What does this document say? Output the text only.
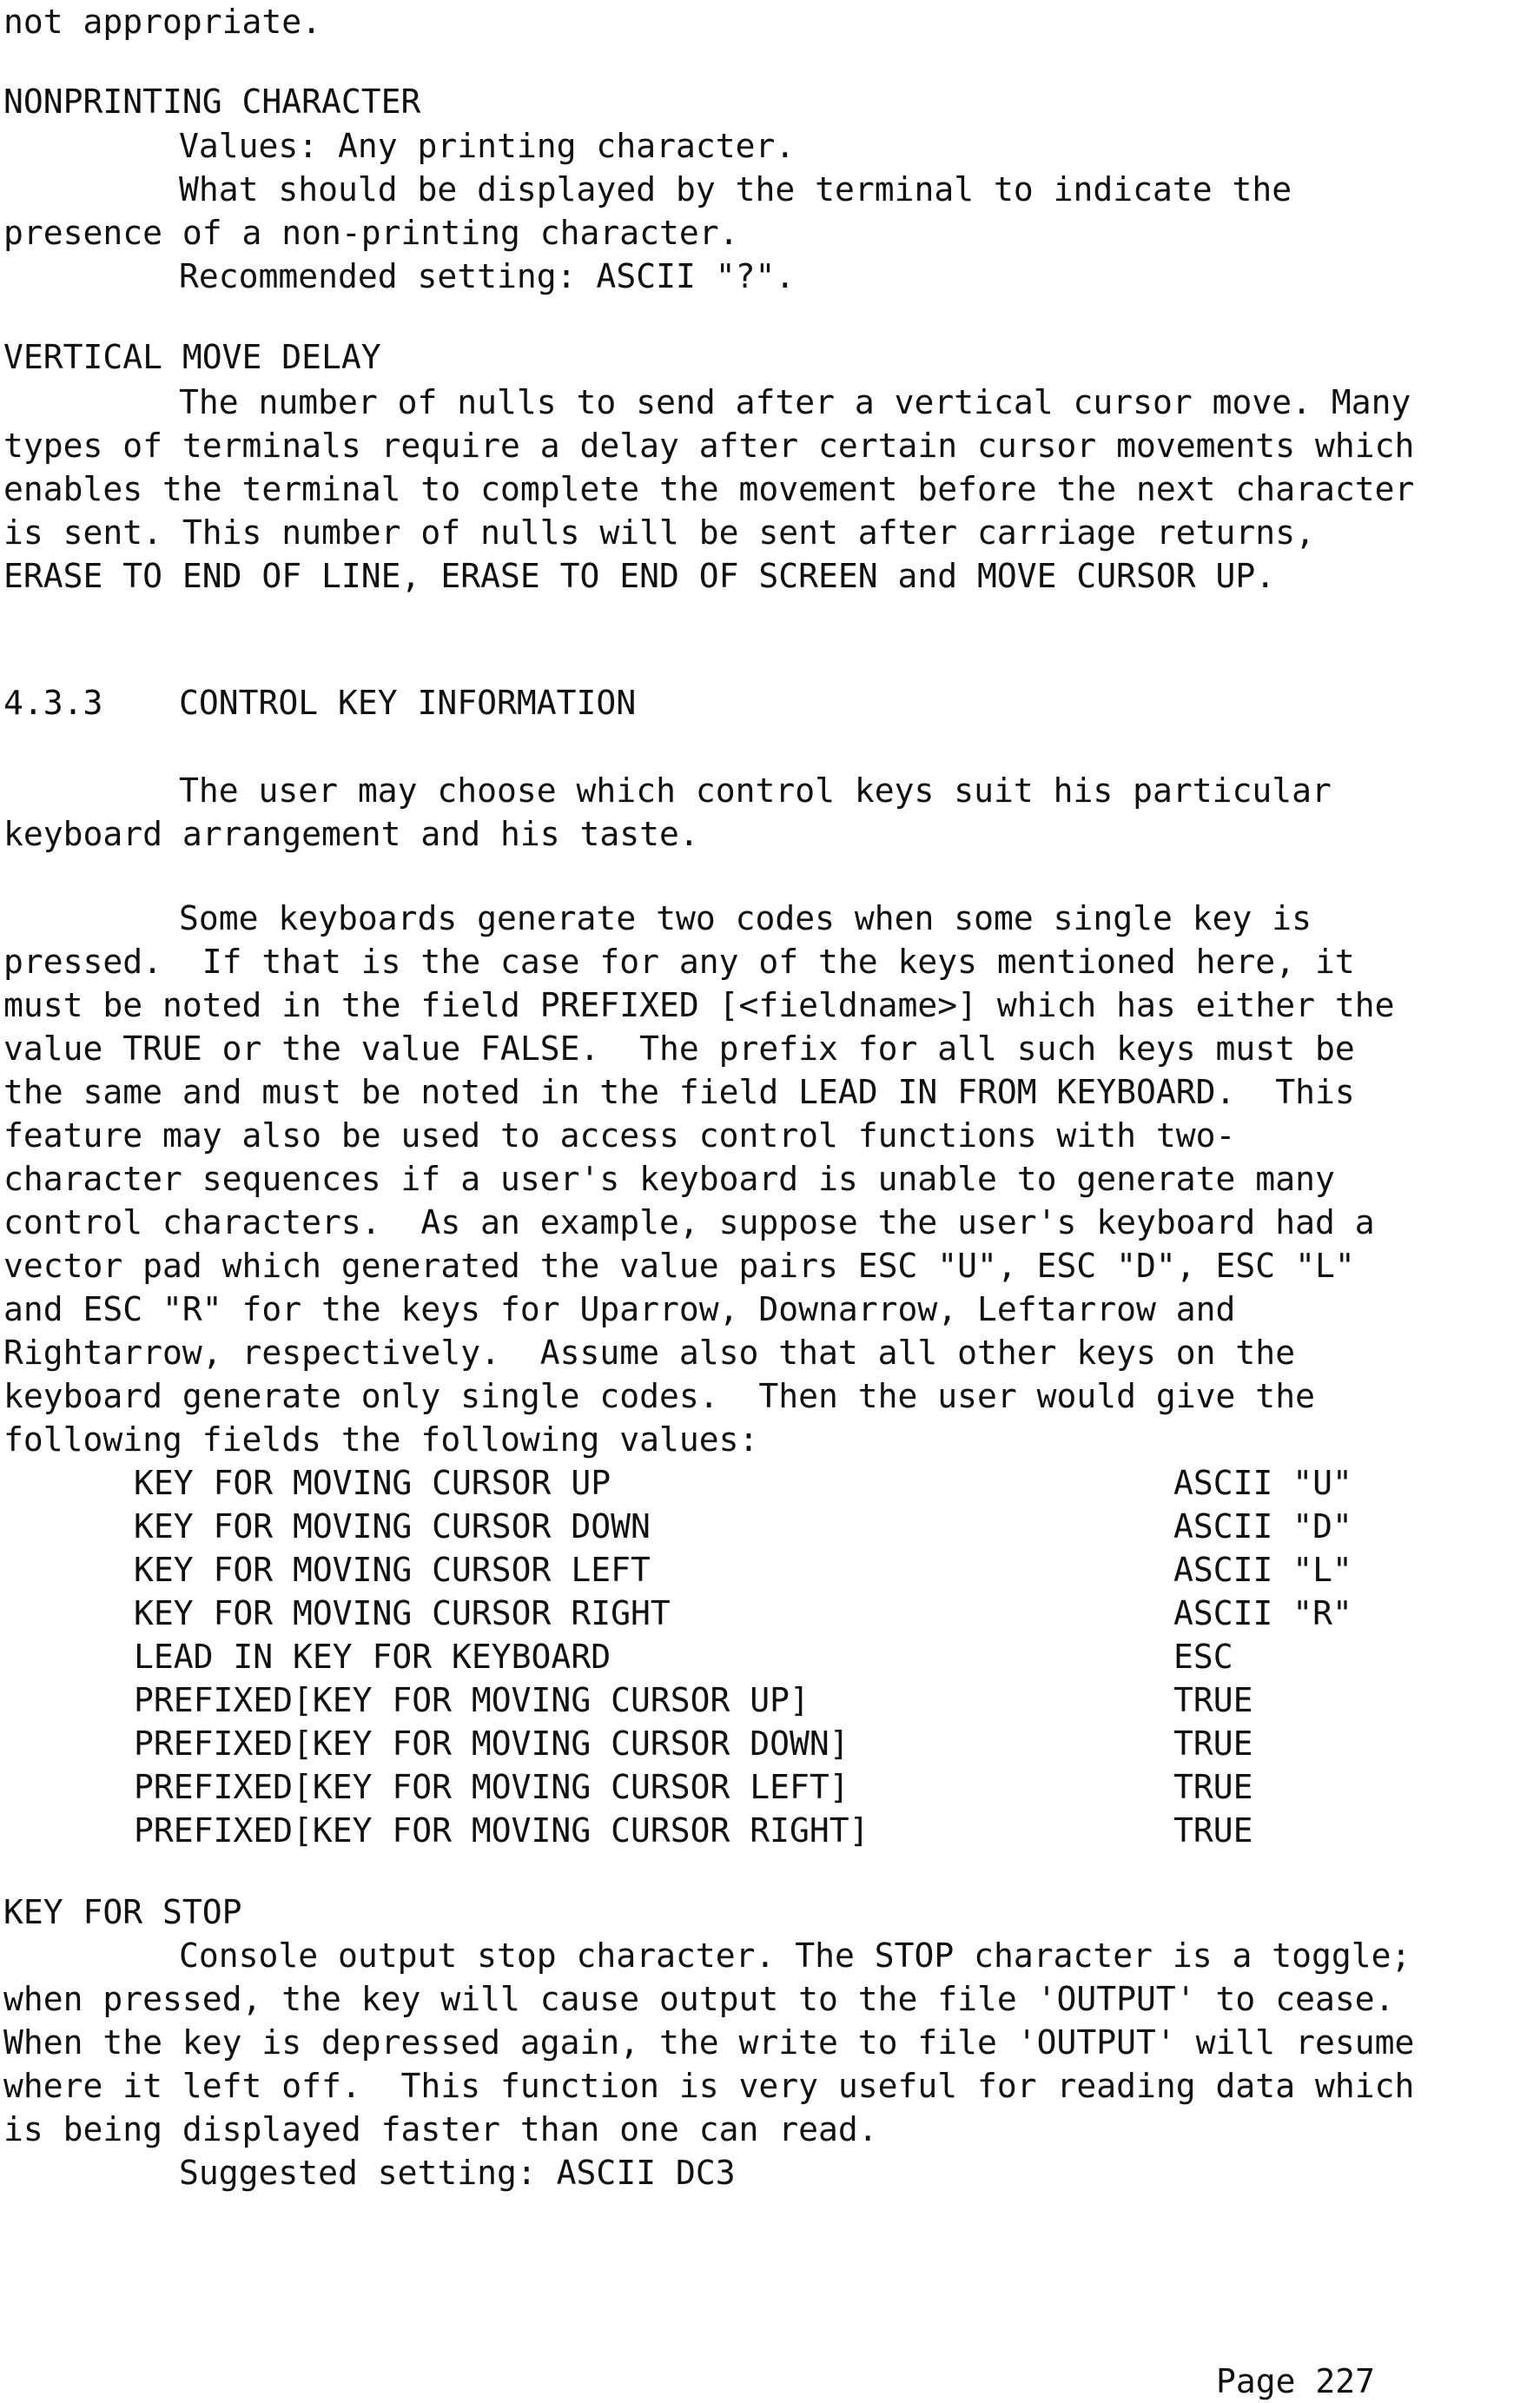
not appropriate.
NONPRINTING CHARACTER
Values: Any printing character.
What should be displayed by the terminal to indicate the
presence of a non-printing character.
Recommended setting: ASCII "?".
VERTICAL MOVE DELAY
The number of nulls to send after a vertical cursor move. Many
types of terminals require a delay after certain cursor movements which
enables the terminal to complete the movement before the next character
is sent. This number of nulls will be sent after carriage returns,
ERASE TO END OF LINE, ERASE TO END OF SCREEN and MOVE CURSOR UP.
4.3.3 CONTROL KEY INFORMATION
The user may choose which control keys suit his particular
keyboard arrangement and his taste.
Some keyboards generate two codes when some single key is
pressed.  If that is the case for any of the keys mentioned here, it
must be noted in the field PREFIXED [<fieldname>] which has either the
value TRUE or the value FALSE.  The prefix for all such keys must be
the same and must be noted in the field LEAD IN FROM KEYBOARD.  This
feature may also be used to access control functions with two-
character sequences if a user's keyboard is unable to generate many
control characters.  As an example, suppose the user's keyboard had a
vector pad which generated the value pairs ESC "U", ESC "D", ESC "L"
and ESC "R" for the keys for Uparrow, Downarrow, Leftarrow and
Rightarrow, respectively.  Assume also that all other keys on the
keyboard generate only single codes.  Then the user would give the
following fields the following values:
KEY FOR MOVING CURSOR UP	ASCII "U"
KEY FOR MOVING CURSOR DOWN	ASCII "D"
KEY FOR MOVING CURSOR LEFT	ASCII "L"
KEY FOR MOVING CURSOR RIGHT	ASCII "R"
LEAD IN KEY FOR KEYBOARD	ESC
PREFIXED[KEY FOR MOVING CURSOR UP]	TRUE
PREFIXED[KEY FOR MOVING CURSOR DOWN]	TRUE
PREFIXED[KEY FOR MOVING CURSOR LEFT]	TRUE
PREFIXED[KEY FOR MOVING CURSOR RIGHT]	TRUE
KEY FOR STOP
Console output stop character. The STOP character is a toggle;
when pressed, the key will cause output to the file 'OUTPUT' to cease.
When the key is depressed again, the write to file 'OUTPUT' will resume
where it left off.  This function is very useful for reading data which
is being displayed faster than one can read.
Suggested setting: ASCII DC3
Page 227
